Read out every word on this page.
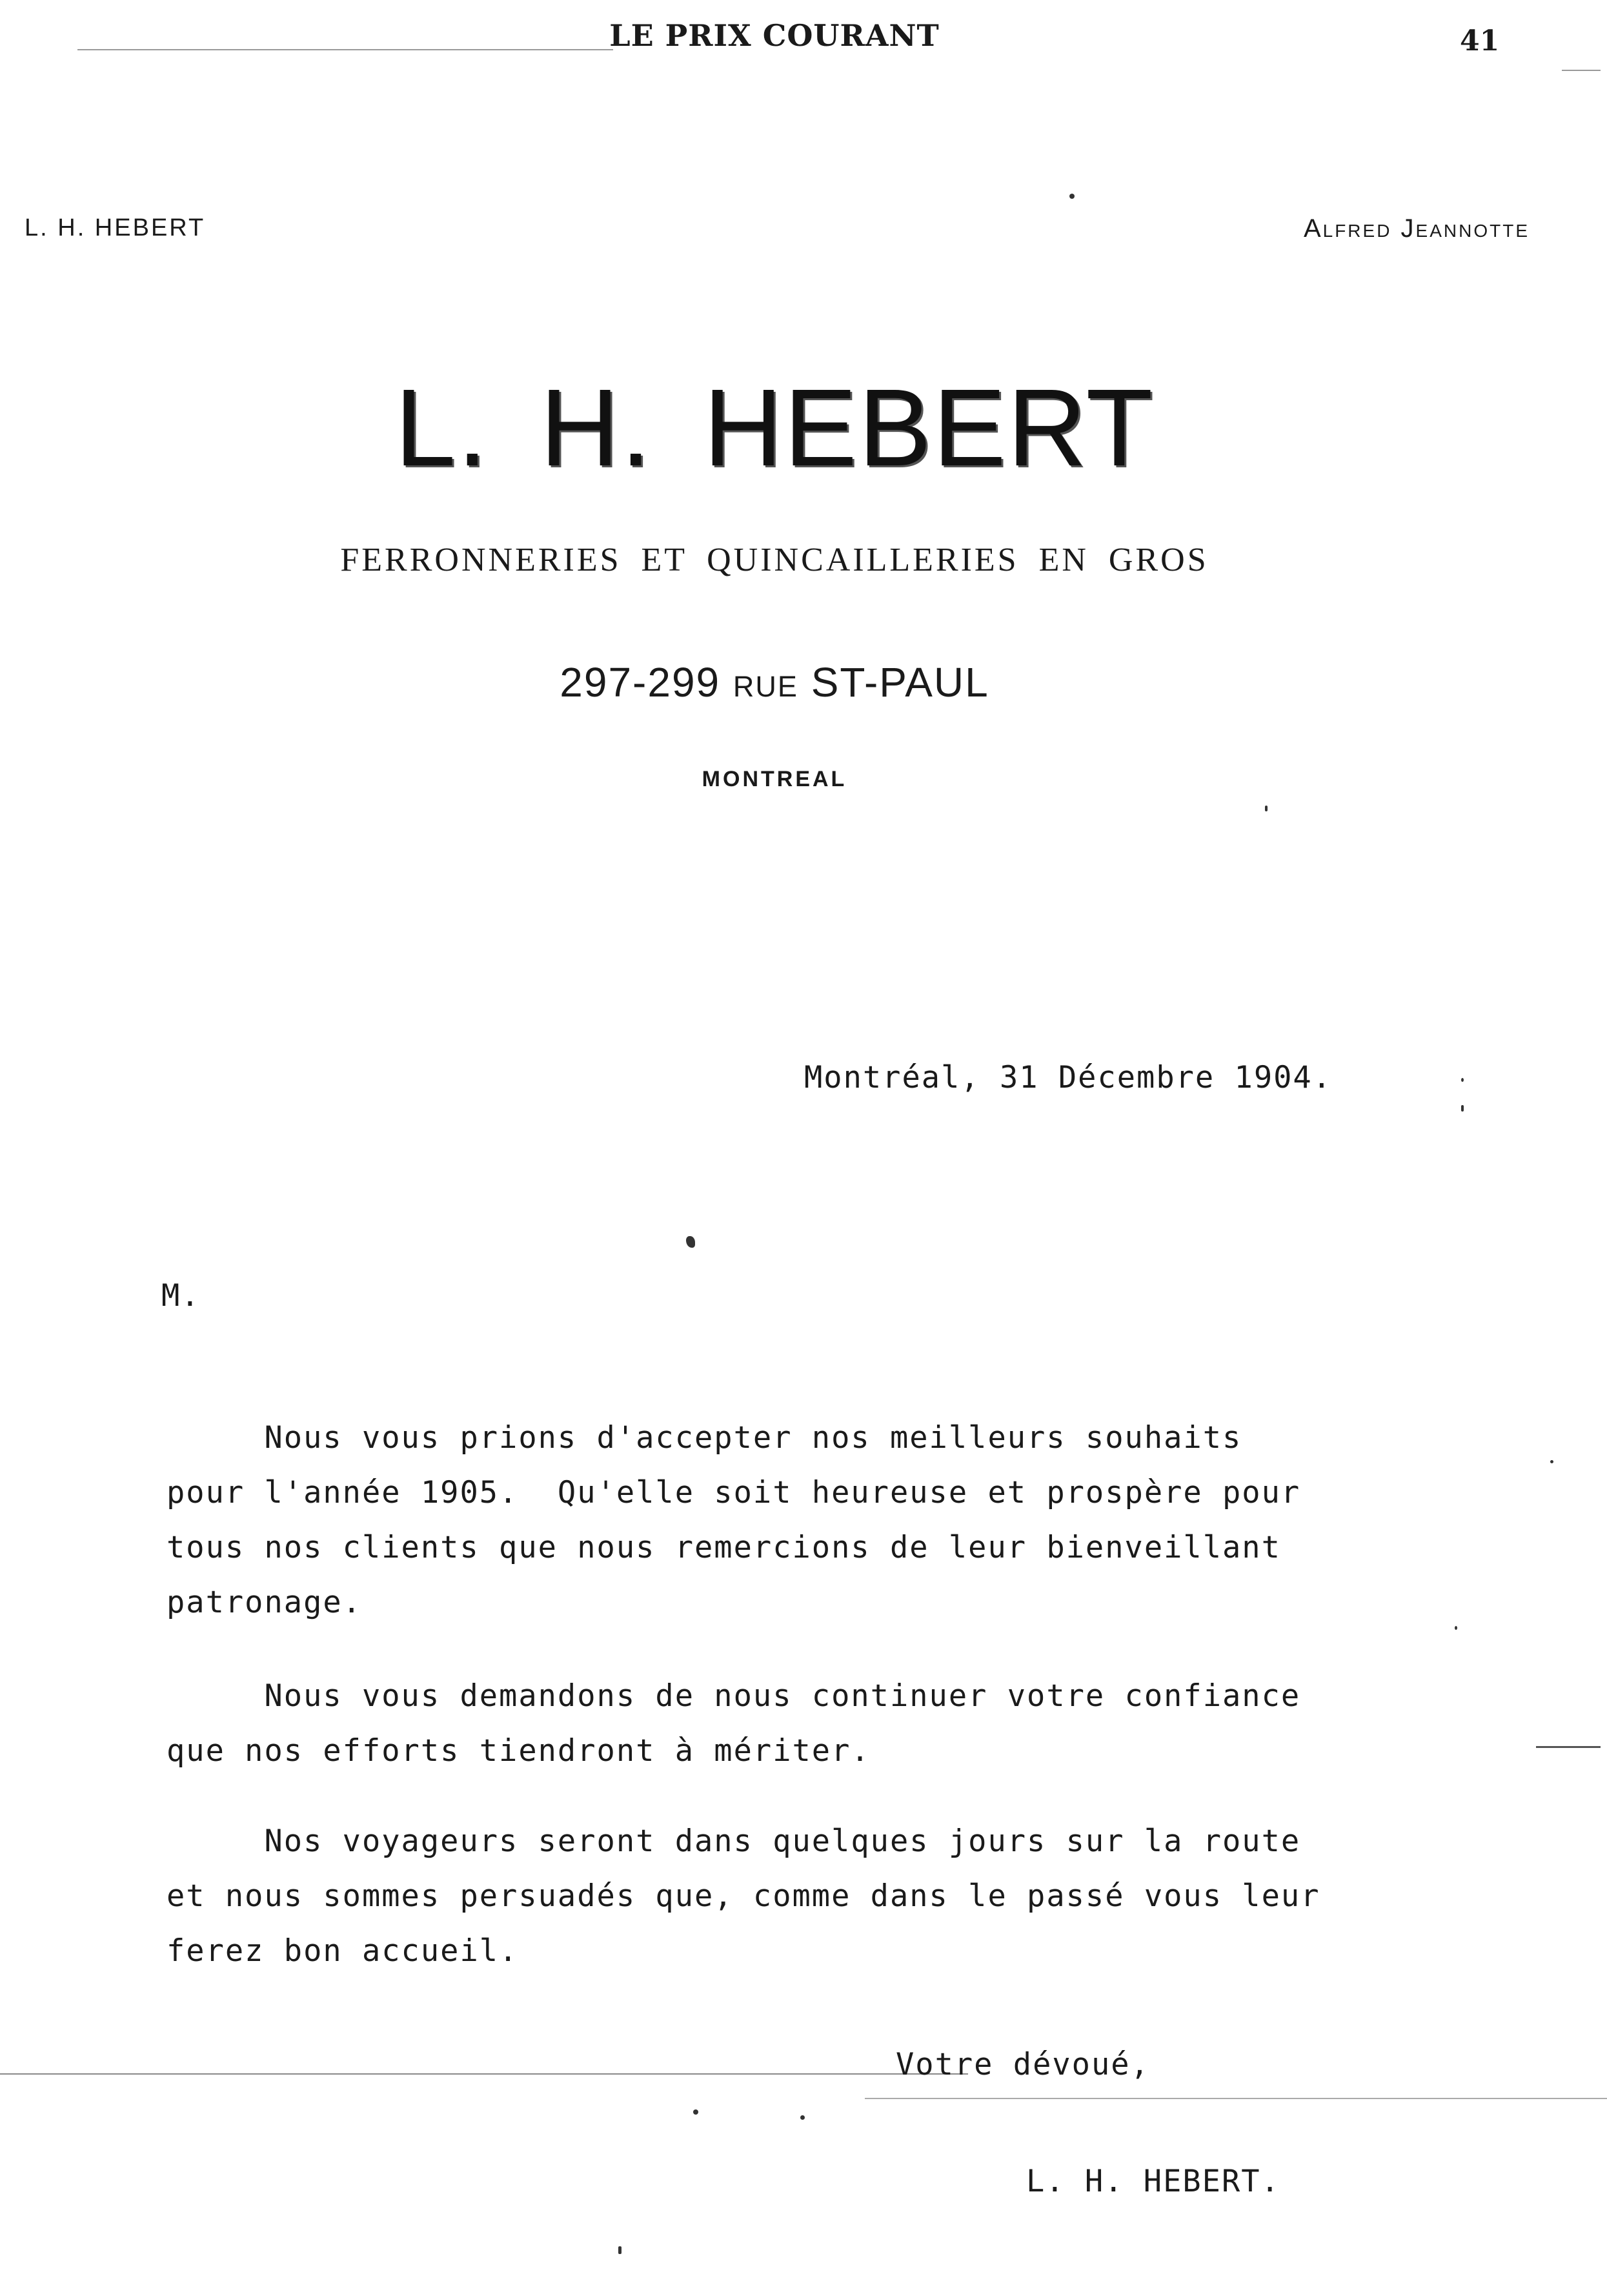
LE PRIX COURANT	41
L. H. HEBERT	Alfred Jeannotte
L. H. HEBERT
FERRONNERIES ET QUINCAILLERIES EN GROS
297-299 rue ST-PAUL
MONTREAL
Montréal, 31 Décembre 1904.
M.
Nous vous prions d'accepter nos meilleurs souhaits
pour l'année 1905.  Qu'elle soit heureuse et prospère pour
tous nos clients que nous remercions de leur bienveillant
patronage.
Nous vous demandons de nous continuer votre confiance
que nos efforts tiendront à mériter.
Nos voyageurs seront dans quelques jours sur la route
et nous sommes persuadés que, comme dans le passé vous leur
ferez bon accueil.
Votre dévoué,
L. H. HEBERT.
